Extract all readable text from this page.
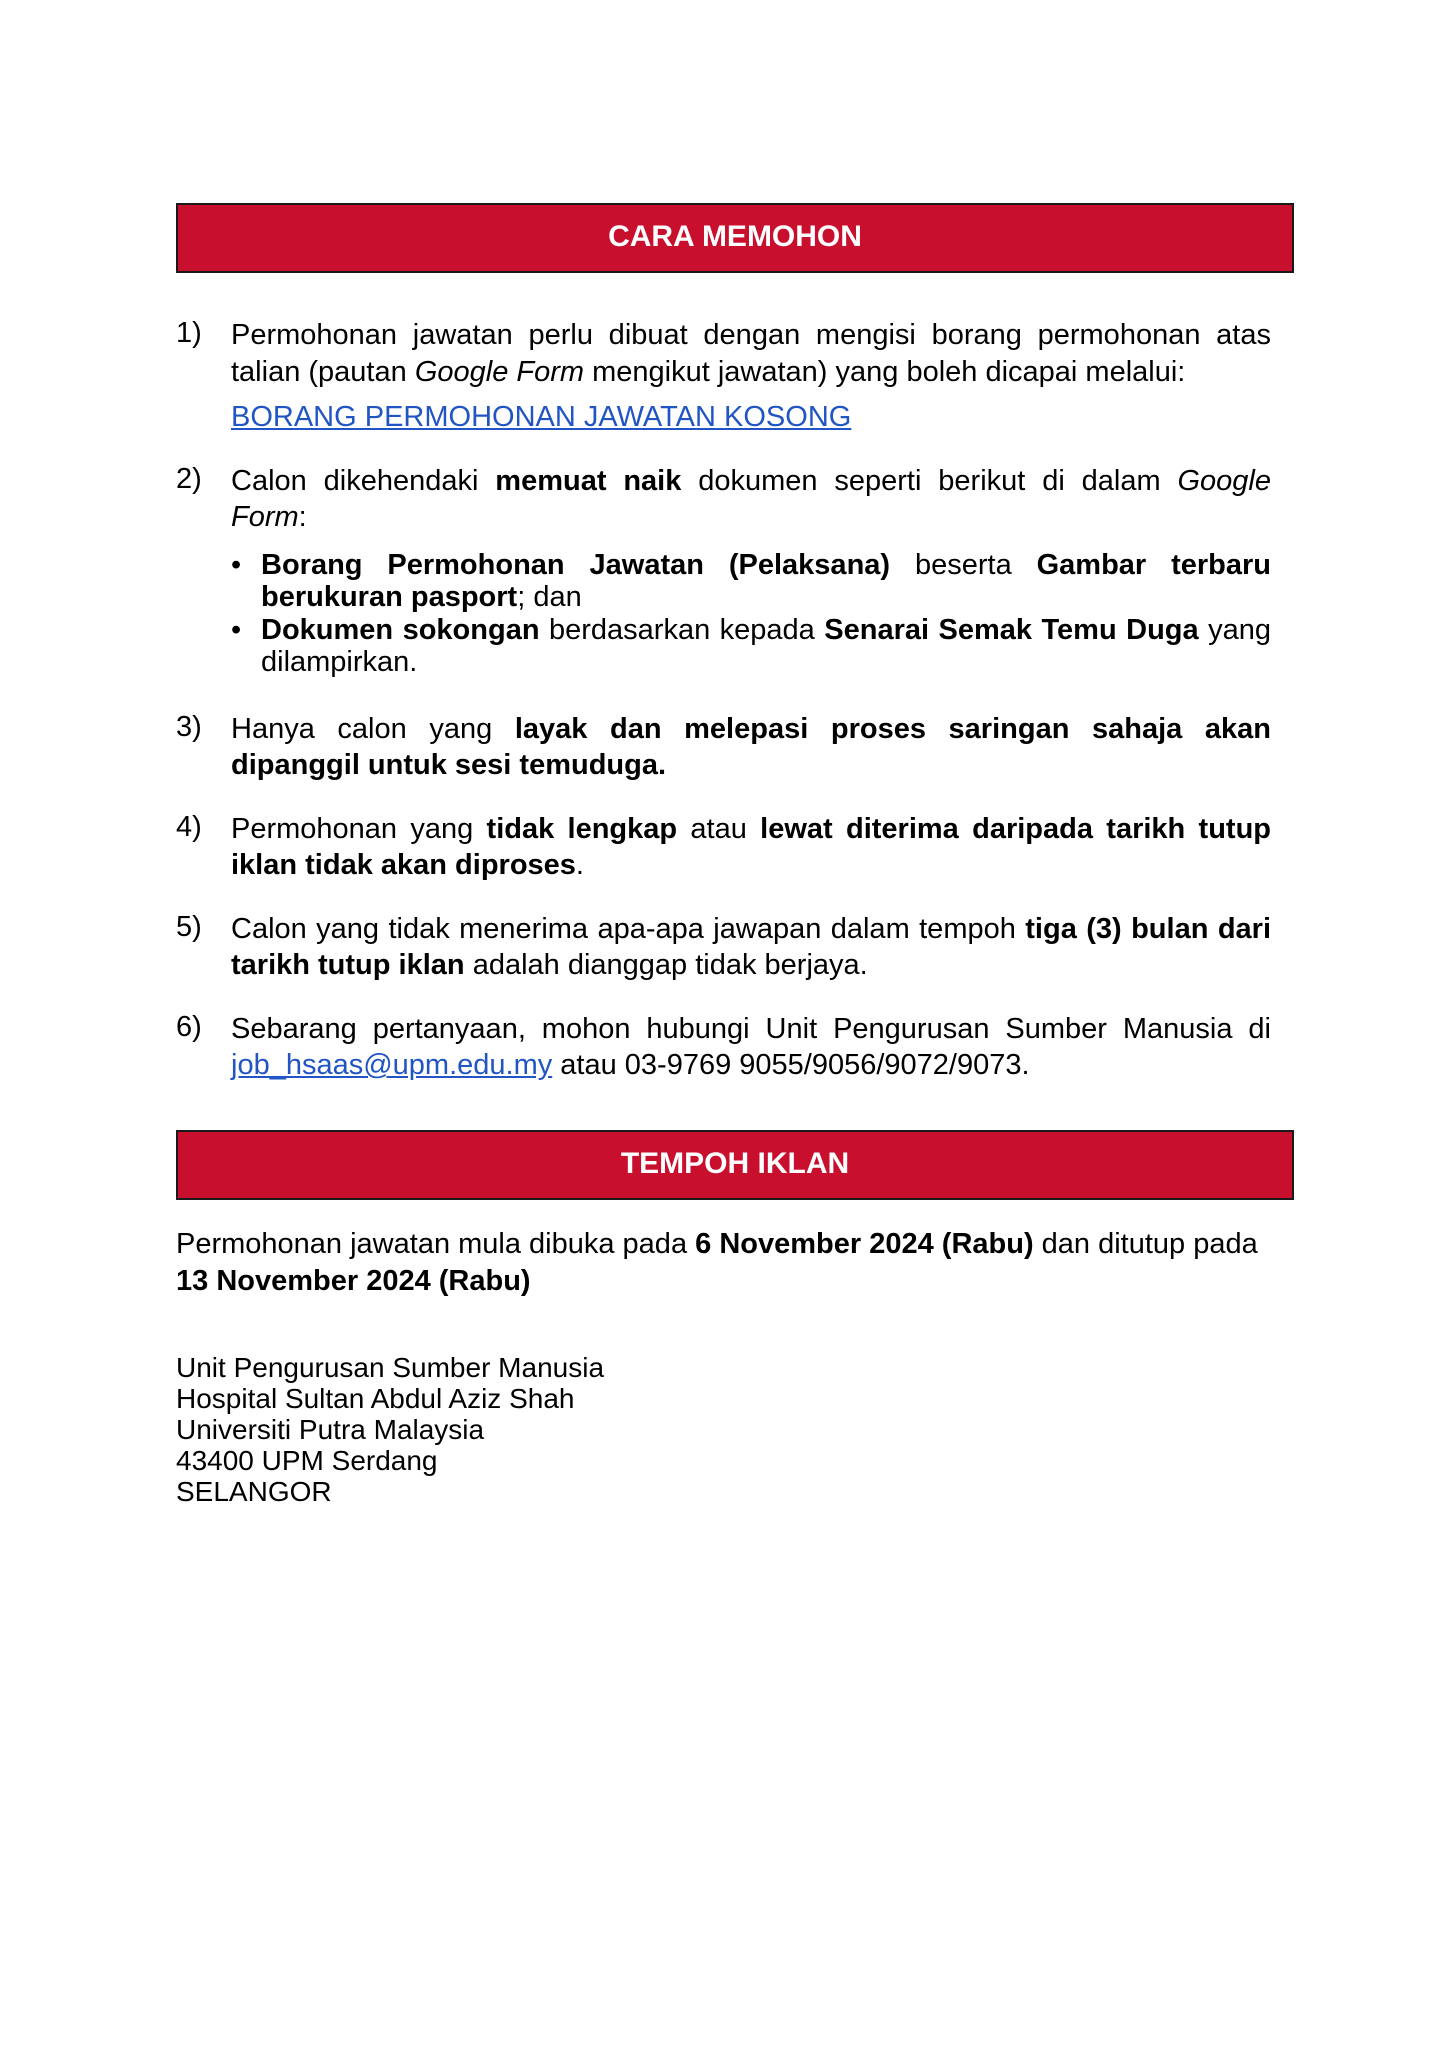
CARA MEMOHON
1)	Permohonan jawatan perlu dibuat dengan mengisi borang permohonan atas talian (pautan Google Form mengikut jawatan) yang boleh dicapai melalui:
BORANG PERMOHONAN JAWATAN KOSONG
2)	Calon dikehendaki memuat naik dokumen seperti berikut di dalam Google Form:
• Borang Permohonan Jawatan (Pelaksana) beserta Gambar terbaru berukuran pasport; dan
• Dokumen sokongan berdasarkan kepada Senarai Semak Temu Duga yang dilampirkan.
3)	Hanya calon yang layak dan melepasi proses saringan sahaja akan dipanggil untuk sesi temuduga.
4)	Permohonan yang tidak lengkap atau lewat diterima daripada tarikh tutup iklan tidak akan diproses.
5)	Calon yang tidak menerima apa-apa jawapan dalam tempoh tiga (3) bulan dari tarikh tutup iklan adalah dianggap tidak berjaya.
6)	Sebarang pertanyaan, mohon hubungi Unit Pengurusan Sumber Manusia di job_hsaas@upm.edu.my atau 03-9769 9055/9056/9072/9073.
TEMPOH IKLAN
Permohonan jawatan mula dibuka pada 6 November 2024 (Rabu) dan ditutup pada 13 November 2024 (Rabu)
Unit Pengurusan Sumber Manusia
Hospital Sultan Abdul Aziz Shah
Universiti Putra Malaysia
43400 UPM Serdang
SELANGOR
